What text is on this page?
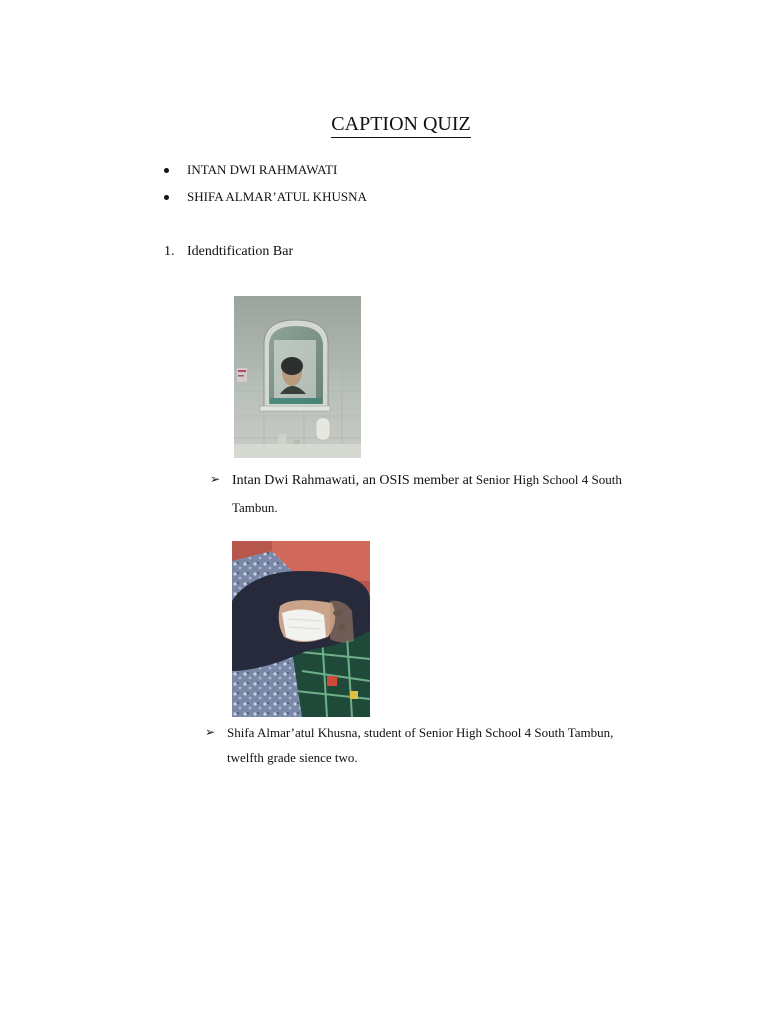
CAPTION QUIZ
INTAN DWI RAHMAWATI
SHIFA ALMAR’ATUL KHUSNA
1. Idendtification Bar
➢ Intan Dwi Rahmawati, an OSIS member at Senior High School 4 South
Tambun.
➢ Shifa Almar’atul Khusna, student of Senior High School 4 South Tambun,
twelfth grade sience two.
